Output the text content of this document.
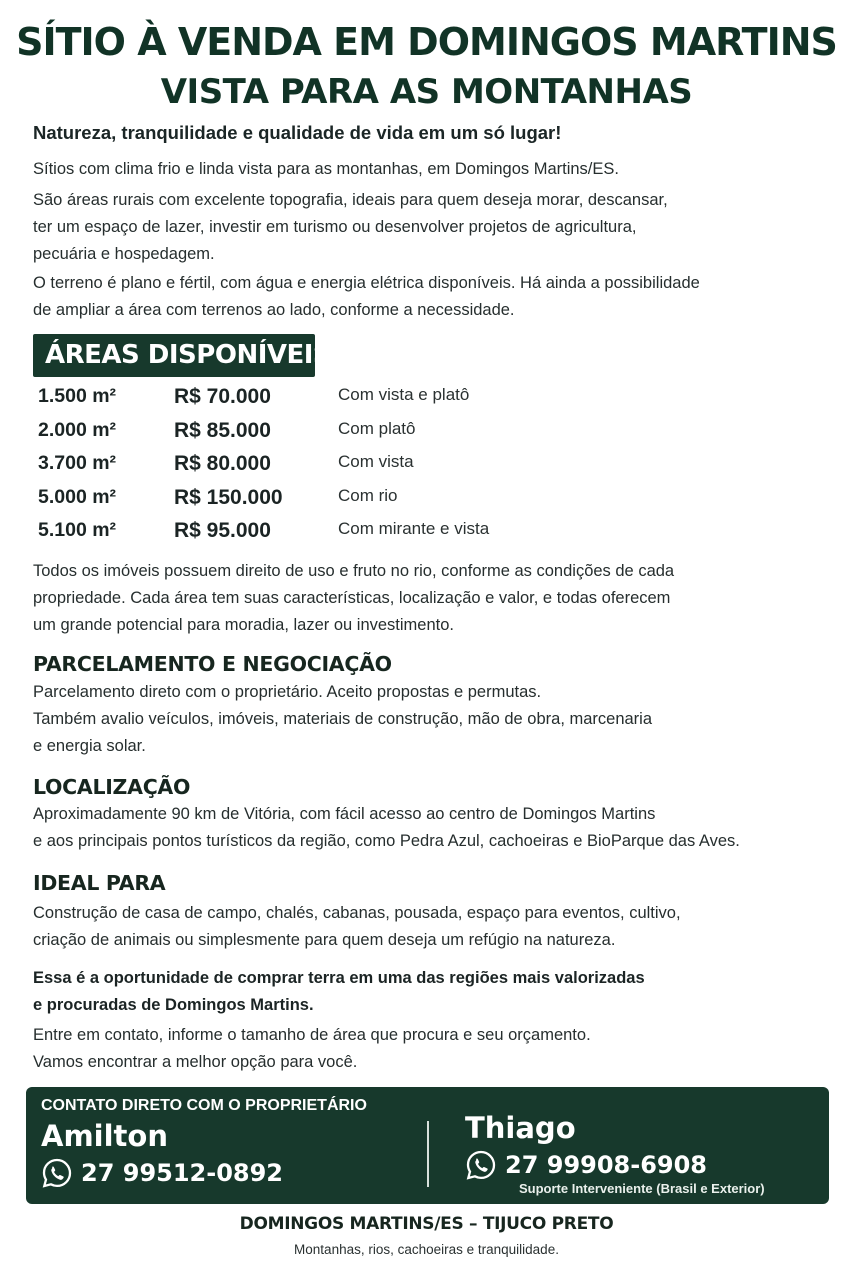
SÍTIO À VENDA EM DOMINGOS MARTINS
VISTA PARA AS MONTANHAS
Natureza, tranquilidade e qualidade de vida em um só lugar!
Sítios com clima frio e linda vista para as montanhas, em Domingos Martins/ES.
São áreas rurais com excelente topografia, ideais para quem deseja morar, descansar,
ter um espaço de lazer, investir em turismo ou desenvolver projetos de agricultura,
pecuária e hospedagem.
O terreno é plano e fértil, com água e energia elétrica disponíveis. Há ainda a possibilidade
de ampliar a área com terrenos ao lado, conforme a necessidade.
ÁREAS DISPONÍVEIS
1.500 m²	R$ 70.000	Com vista e platô
2.000 m²	R$ 85.000	Com platô
3.700 m²	R$ 80.000	Com vista
5.000 m²	R$ 150.000	Com rio
5.100 m²	R$ 95.000	Com mirante e vista
Todos os imóveis possuem direito de uso e fruto no rio, conforme as condições de cada
propriedade. Cada área tem suas características, localização e valor, e todas oferecem
um grande potencial para moradia, lazer ou investimento.
PARCELAMENTO E NEGOCIAÇÃO
Parcelamento direto com o proprietário. Aceito propostas e permutas.
Também avalio veículos, imóveis, materiais de construção, mão de obra, marcenaria
e energia solar.
LOCALIZAÇÃO
Aproximadamente 90 km de Vitória, com fácil acesso ao centro de Domingos Martins
e aos principais pontos turísticos da região, como Pedra Azul, cachoeiras e BioParque das Aves.
IDEAL PARA
Construção de casa de campo, chalés, cabanas, pousada, espaço para eventos, cultivo,
criação de animais ou simplesmente para quem deseja um refúgio na natureza.
Essa é a oportunidade de comprar terra em uma das regiões mais valorizadas
e procuradas de Domingos Martins.
Entre em contato, informe o tamanho de área que procura e seu orçamento.
Vamos encontrar a melhor opção para você.
CONTATO DIRETO COM O PROPRIETÁRIO
Amilton
27 99512-0892
Thiago
27 99908-6908
Suporte Interveniente (Brasil e Exterior)
DOMINGOS MARTINS/ES – TIJUCO PRETO
Montanhas, rios, cachoeiras e tranquilidade.
